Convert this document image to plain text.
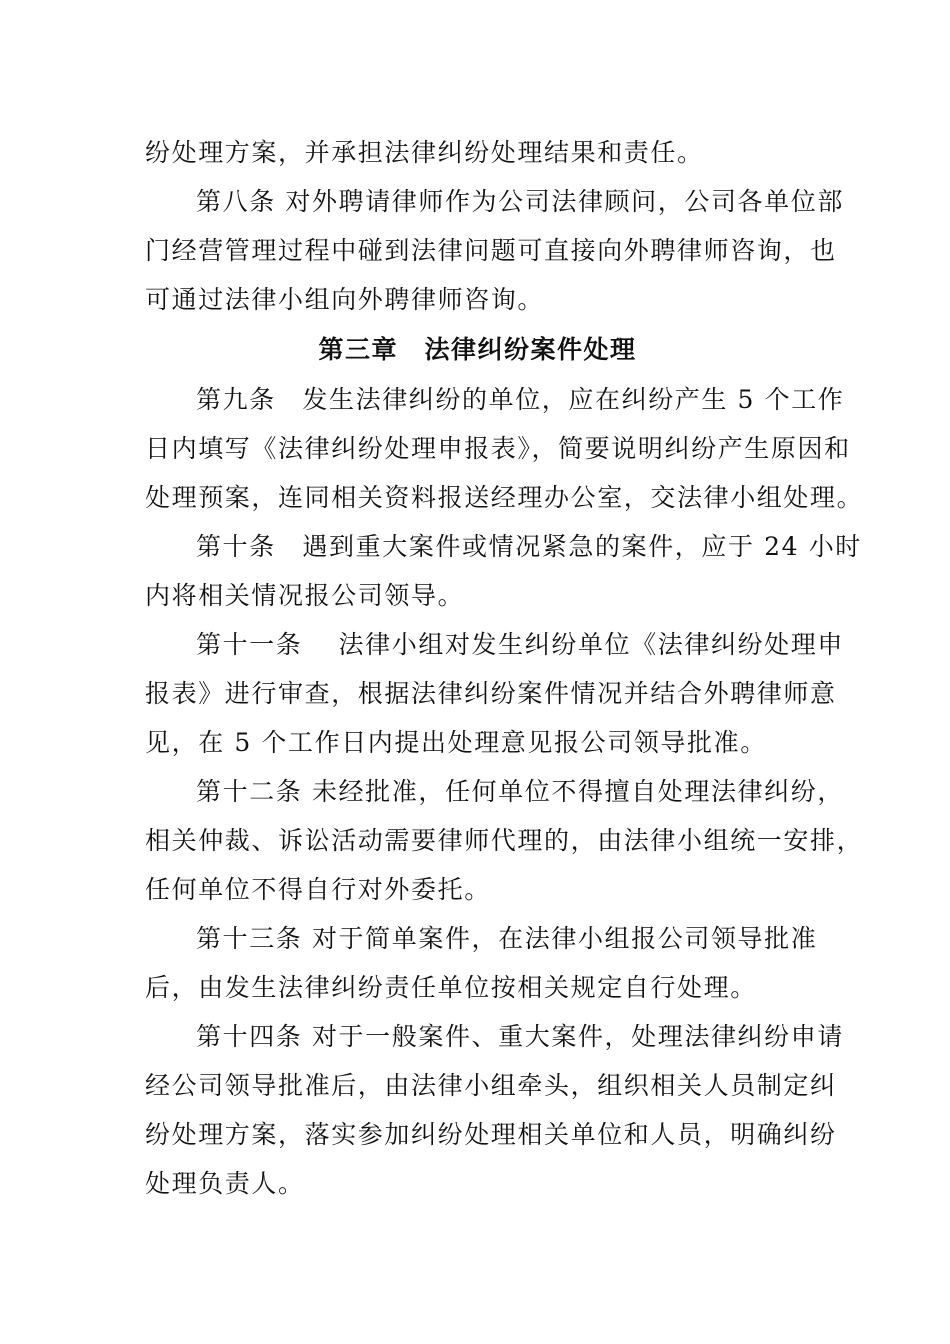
纷处理方案，并承担法律纠纷处理结果和责任。

第八条 对外聘请律师作为公司法律顾问，公司各单位部

门经营管理过程中碰到法律问题可直接向外聘律师咨询，也
可通过法律小组向外聘律师咨询。

第三章　法律纠纷案件处理

第九条　发生法律纠纷的单位，应在纠纷产生 5 个工作

日内填写《法律纠纷处理申报表》，简要说明纠纷产生原因和
处理预案，连同相关资料报送经理办公室，交法律小组处理。

第十条　遇到重大案件或情况紧急的案件，应于 24 小时

内将相关情况报公司领导。

第十一条　 法律小组对发生纠纷单位《法律纠纷处理申

报表》进行审查，根据法律纠纷案件情况并结合外聘律师意
见，在 5 个工作日内提出处理意见报公司领导批准。

第十二条 未经批准，任何单位不得擅自处理法律纠纷，

相关仲裁、诉讼活动需要律师代理的，由法律小组统一安排，
任何单位不得自行对外委托。

第十三条 对于简单案件，在法律小组报公司领导批准

后，由发生法律纠纷责任单位按相关规定自行处理。

第十四条 对于一般案件、重大案件，处理法律纠纷申请

经公司领导批准后，由法律小组牵头，组织相关人员制定纠
纷处理方案，落实参加纠纷处理相关单位和人员，明确纠纷
处理负责人。
